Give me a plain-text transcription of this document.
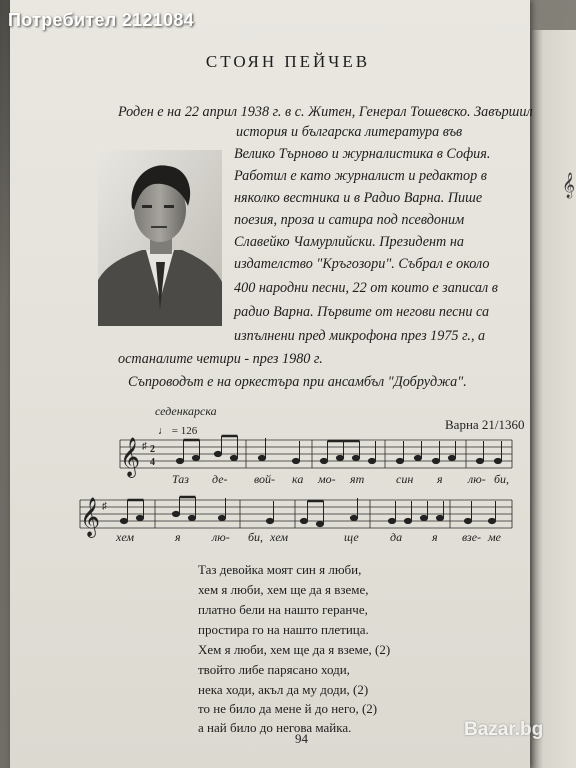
𝄞
Потребител 2121084
СТОЯН ПЕЙЧЕВ
Роден е на 22 април 1938 г. в с. Житен, Генерал Тошевско. Завършил
история и българска литература във
Велико Търново и журналистика в София.
Работил е като журналист и редактор в
няколко вестника и в Радио Варна. Пише
поезия, проза и сатира под псевдоним
Славейко Чамурлийски. Президент на
издателство "Кръгозори". Събрал е около
400 народни песни, 22 от които е записал в
радио Варна. Първите от негови песни са
изпълнени пред микрофона през 1975 г., а
останалите четири - през 1980 г.
Съпроводът е на оркестъра при ансамбъл "Добруджа".
седенкарска
Варна 21/1360
♩ = 126
𝄞 ♯ 2
4
𝄞 ♯
Таз де- вой- ка мо- ят	син я лю- би,
хем	я	лю- би, хем	ще	да я взе- ме
Таз девойка моят син я люби,
хем я люби, хем ще да я вземе,
платно бели на нашто геранче,
простира го на нашто плетица.
Хем я люби, хем ще да я вземе, (2)
твойто либе парясано ходи,
нека ходи, акъл да му доди, (2)
то не било да мене й до него, (2)
а най било до негова майка.
94	Bazar.bg
